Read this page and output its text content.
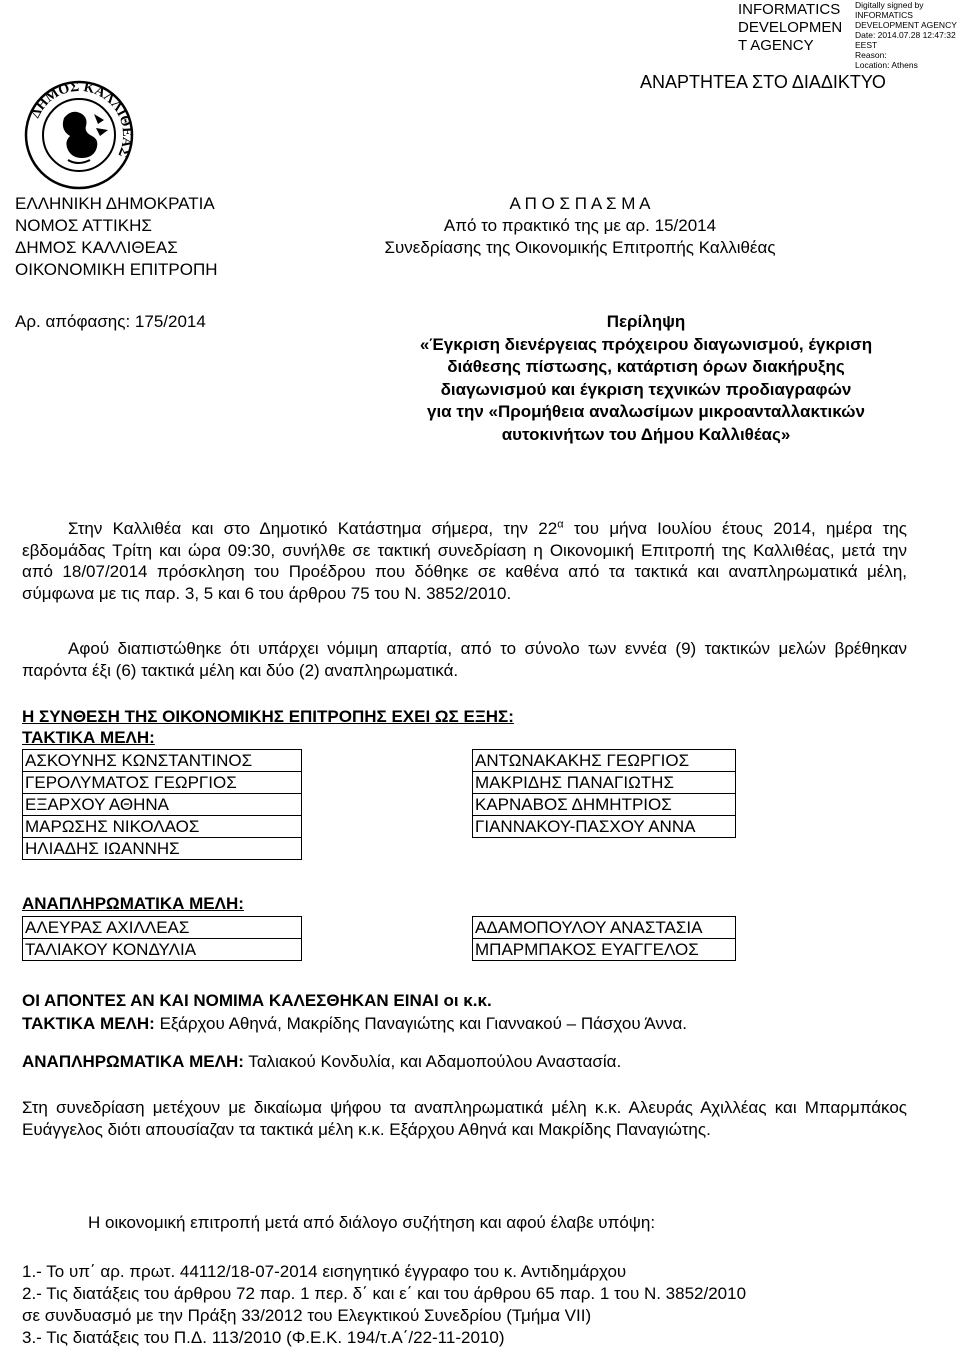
INFORMATICS
DEVELOPMEN
T AGENCY
Digitally signed by
INFORMATICS
DEVELOPMENT AGENCY
Date: 2014.07.28 12:47:32
EEST
Reason:
Location: Athens
ΑΝΑΡΤΗΤΕΑ ΣΤΟ ΔΙΑΔΙΚΤΥΟ
ΔΗΜΟΣ ΚΑΛΛΙΘΕΑΣ
ΕΛΛΗΝΙΚΗ ΔΗΜΟΚΡΑΤΙΑ
ΝΟΜΟΣ ΑΤΤΙΚΗΣ
ΔΗΜΟΣ ΚΑΛΛΙΘΕΑΣ
ΟΙΚΟΝΟΜΙΚΗ ΕΠΙΤΡΟΠΗ
Α Π Ο Σ Π Α Σ Μ Α
Από το πρακτικό της με αρ. 15/2014
Συνεδρίασης της Οικονομικής Επιτροπής Καλλιθέας
Αρ. απόφασης: 175/2014	Περίληψη
«Έγκριση διενέργειας πρόχειρου διαγωνισμού, έγκριση
διάθεσης πίστωσης, κατάρτιση όρων διακήρυξης
διαγωνισμού και έγκριση τεχνικών προδιαγραφών
για την «Προμήθεια αναλωσίμων μικροανταλλακτικών
αυτοκινήτων του Δήμου Καλλιθέας»
Στην Καλλιθέα και στο Δημοτικό Κατάστημα σήμερα, την $22^\alpha$ του μήνα Ιουλίου έτους 2014, ημέρα της εβδομάδας Τρίτη και ώρα 09:30, συνήλθε σε τακτική συνεδρίαση η Οικονομική Επιτροπή της Καλλιθέας, μετά την από 18/07/2014 πρόσκληση του Προέδρου που δόθηκε σε καθένα από τα τακτικά και αναπληρωματικά μέλη, σύμφωνα με τις παρ. 3, 5 και 6 του άρθρου 75 του Ν. 3852/2010.
Αφού διαπιστώθηκε ότι υπάρχει νόμιμη απαρτία, από το σύνολο των εννέα (9) τακτικών μελών βρέθηκαν παρόντα έξι (6) τακτικά μέλη και δύο (2) αναπληρωματικά.
Η ΣΥΝΘΕΣΗ ΤΗΣ ΟΙΚΟΝΟΜΙΚΗΣ ΕΠΙΤΡΟΠΗΣ ΕΧΕΙ ΩΣ ΕΞΗΣ:
ΤΑΚΤΙΚΑ ΜΕΛΗ:
ΑΣΚΟΥΝΗΣ ΚΩΝΣΤΑΝΤΙΝΟΣ		ΑΝΤΩΝΑΚΑΚΗΣ ΓΕΩΡΓΙΟΣ
ΓΕΡΟΛΥΜΑΤΟΣ ΓΕΩΡΓΙΟΣ		ΜΑΚΡΙΔΗΣ ΠΑΝΑΓΙΩΤΗΣ
ΕΞΑΡΧΟΥ ΑΘΗΝΑ		ΚΑΡΝΑΒΟΣ ΔΗΜΗΤΡΙΟΣ
ΜΑΡΩΣΗΣ ΝΙΚΟΛΑΟΣ		ΓΙΑΝΝΑΚΟΥ-ΠΑΣΧΟΥ ΑΝΝΑ
ΗΛΙΑΔΗΣ ΙΩΑΝΝΗΣ		
ΑΝΑΠΛΗΡΩΜΑΤΙΚΑ ΜΕΛΗ:
ΑΛΕΥΡΑΣ ΑΧΙΛΛΕΑΣ		ΑΔΑΜΟΠΟΥΛΟΥ ΑΝΑΣΤΑΣΙΑ
ΤΑΛΙΑΚΟΥ ΚΟΝΔΥΛΙΑ		ΜΠΑΡΜΠΑΚΟΣ ΕΥΑΓΓΕΛΟΣ
ΟΙ ΑΠΟΝΤΕΣ ΑΝ ΚΑΙ ΝΟΜΙΜΑ ΚΑΛΕΣΘΗΚΑΝ ΕΙΝΑΙ οι κ.κ.
ΤΑΚΤΙΚΑ ΜΕΛΗ: Εξάρχου Αθηνά, Μακρίδης Παναγιώτης και Γιαννακού – Πάσχου Άννα.
ΑΝΑΠΛΗΡΩΜΑΤΙΚΑ ΜΕΛΗ: Ταλιακού Κονδυλία, και Αδαμοπούλου Αναστασία.
Στη συνεδρίαση μετέχουν με δικαίωμα ψήφου τα αναπληρωματικά μέλη κ.κ. Αλευράς Αχιλλέας και Μπαρμπάκος Ευάγγελος διότι απουσίαζαν τα τακτικά μέλη κ.κ. Εξάρχου Αθηνά και Μακρίδης Παναγιώτης.
Η οικονομική επιτροπή μετά από διάλογο συζήτηση και αφού έλαβε υπόψη:
1.- Το υπ΄ αρ. πρωτ. 44112/18-07-2014 εισηγητικό έγγραφο του κ. Αντιδημάρχου
2.- Τις διατάξεις του άρθρου 72 παρ. 1 περ. δ΄ και ε΄ και του άρθρου 65 παρ. 1 του Ν. 3852/2010
σε συνδυασμό με την Πράξη 33/2012 του Ελεγκτικού Συνεδρίου (Τμήμα VII)
3.- Τις διατάξεις του Π.Δ. 113/2010 (Φ.Ε.Κ. 194/τ.Α΄/22-11-2010)
